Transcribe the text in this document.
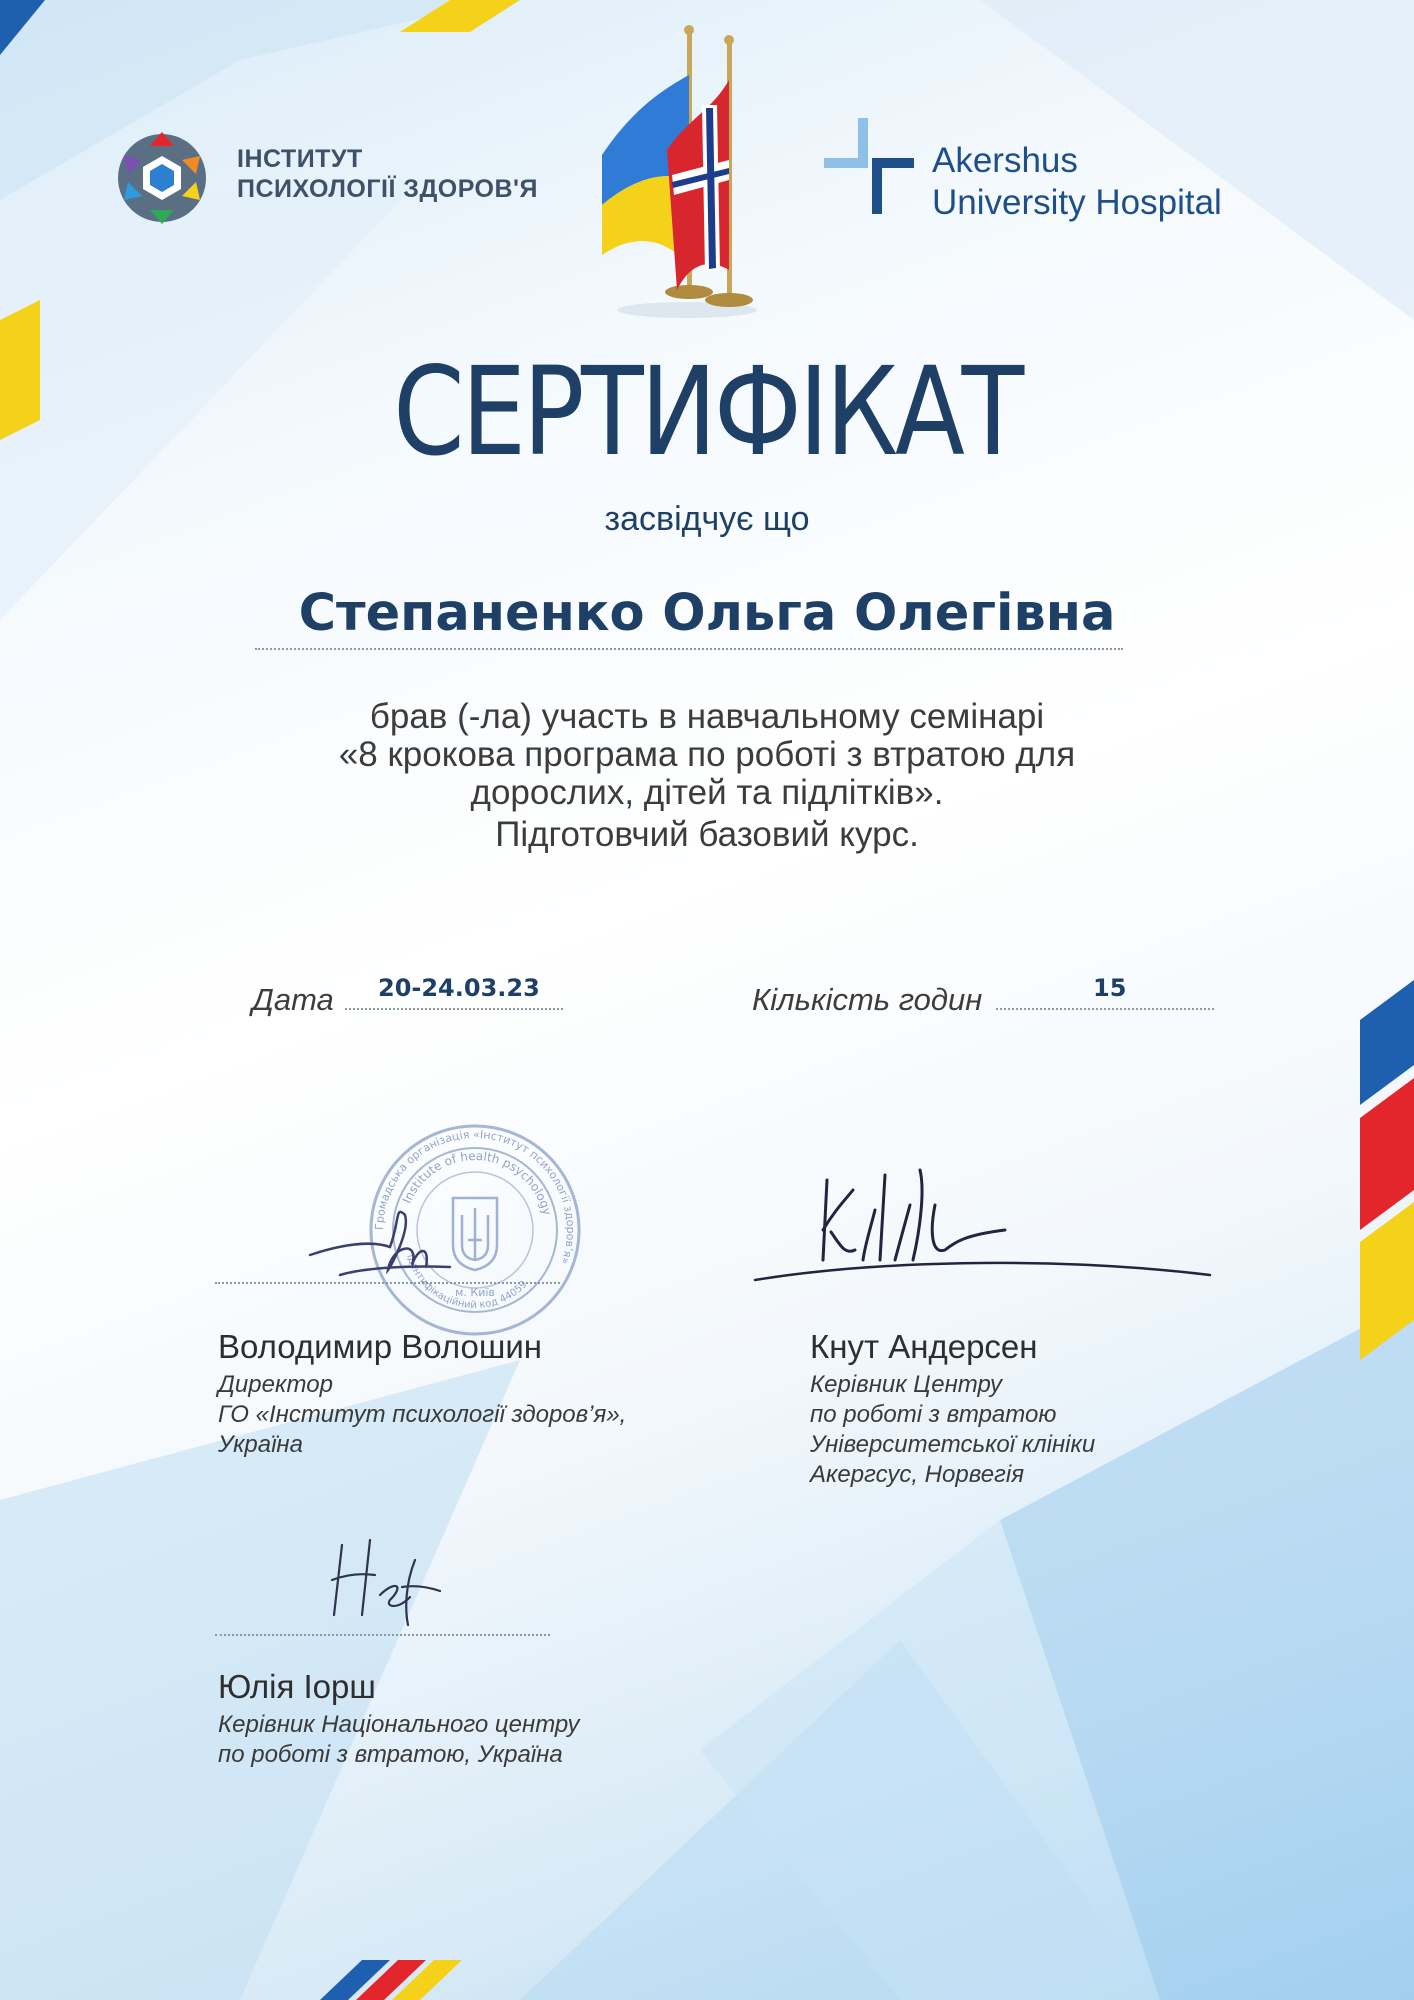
ІНСТИТУТ
ПСИХОЛОГІЇ ЗДОРОВ'Я
Akershus
University Hospital
СЕРТИФІКАТ
засвідчує що
Степаненко Ольга Олегівна
брав (-ла) участь в навчальному семінарі
«8 крокова програма по роботі з втратою для
дорослих, дітей та підлітків».
Підготовчий базовий курс.
Дата 20-24.03.23	Кількість годин	15
Громадська організація «Інститут психології здоров’я»
Institute of health psychology
ідентифікаційний код 44059
м. Київ
Володимир Волошин
Директор
ГО «Інститут психології здоров’я»,
Україна
Кнут Андерсен
Керівник Центру
по роботі з втратою
Університетської клініки
Акергсус, Норвегія
Юлія Іорш
Керівник Національного центру
по роботі з втратою, Україна
